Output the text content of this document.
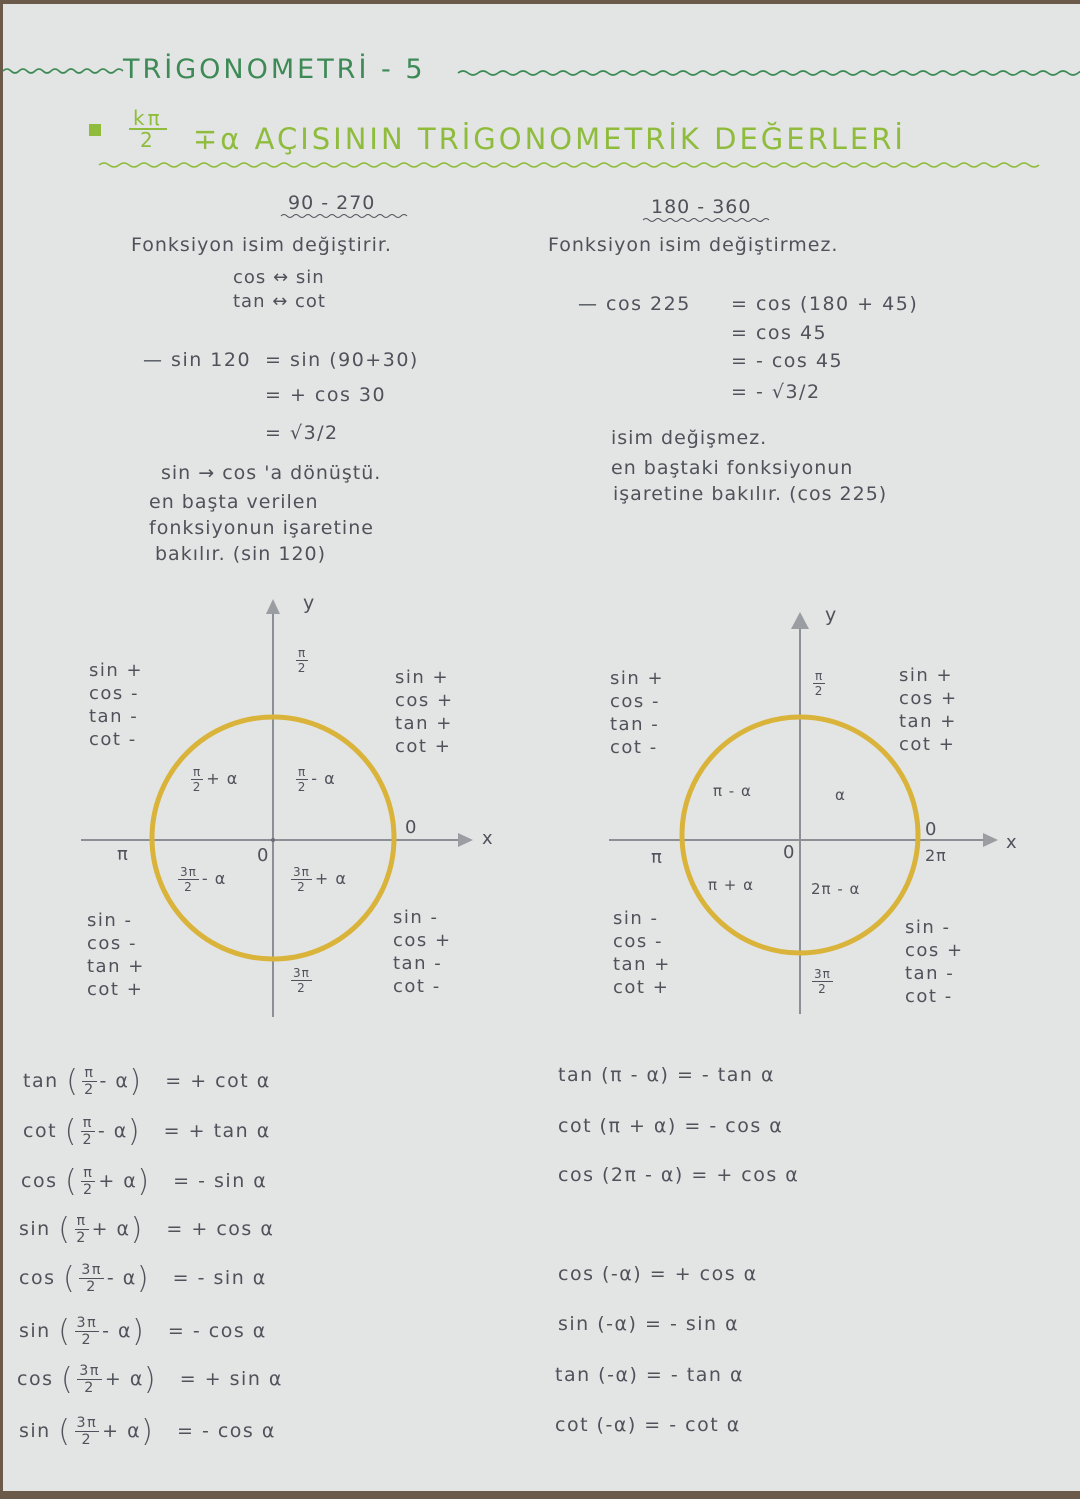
TRİGONOMETRİ - 5
$\frac{k\pi}{2} \mp\alpha$ AÇISININ TRİGONOMETRİK DEĞERLERİ
90 - 270
Fonksiyon isim değiştirir.
cos ↔ sin
tan ↔ cot
— sin 120 = sin (90+30)
= + cos 30
= √3/2
sin → cos 'a dönüştü.
en başta verilen
fonksiyonun işaretine
bakılır. (sin 120)
180 - 360
Fonksiyon isim değiştirmez.
— cos 225 = cos (180 + 45)
= cos 45
= - cos 45
= - √3/2
isim değişmez.
en baştaki fonksiyonun
işaretine bakılır. (cos 225)
y
x
0
0
π
$\frac{\pi}{2}$
$\frac{3\pi}{2}$
$\frac{\pi}{2} + \alpha$	$\frac{\pi}{2}$ - α
$\frac{3\pi}{2}$ - α	$\frac{3\pi}{2} + \alpha$
sin +
cos -
tan -
cot -
sin +
cos +
tan +
cot +
sin -
cos -
tan +
cot +
sin -
cos +
tan -
cot -
y
x
0
0
2π
π
$\frac{\pi}{2}$
$\frac{3\pi}{2}$
π - α	α
π + α	2π - α
sin +
cos -
tan -
cot -
sin +
cos +
tan +
cot +
sin -
cos -
tan +
cot +
sin -
cos +
tan -
cot -
tan ( $\frac{\pi}{2} - \alpha$) = + cot α
cot ( $\frac{\pi}{2} - \alpha$) = + tan α
cos ( $\frac{\pi}{2} + \alpha$) = - sin α
sin ( $\frac{\pi}{2} + \alpha$) = + cos α
cos ( $\frac{3\pi}{2} - \alpha$) = - sin α
sin ( $\frac{3\pi}{2} - \alpha$) = - cos α
cos ( $\frac{3\pi}{2} + \alpha$) = + sin α
sin ( $\frac{3\pi}{2} + \alpha$) = - cos α
tan (π - α) = - tan α
cot (π + α) = - cos α
cos (2π - α) = + cos α
cos (-α) = + cos α
sin (-α) = - sin α
tan (-α) = - tan α
cot (-α) = - cot α
